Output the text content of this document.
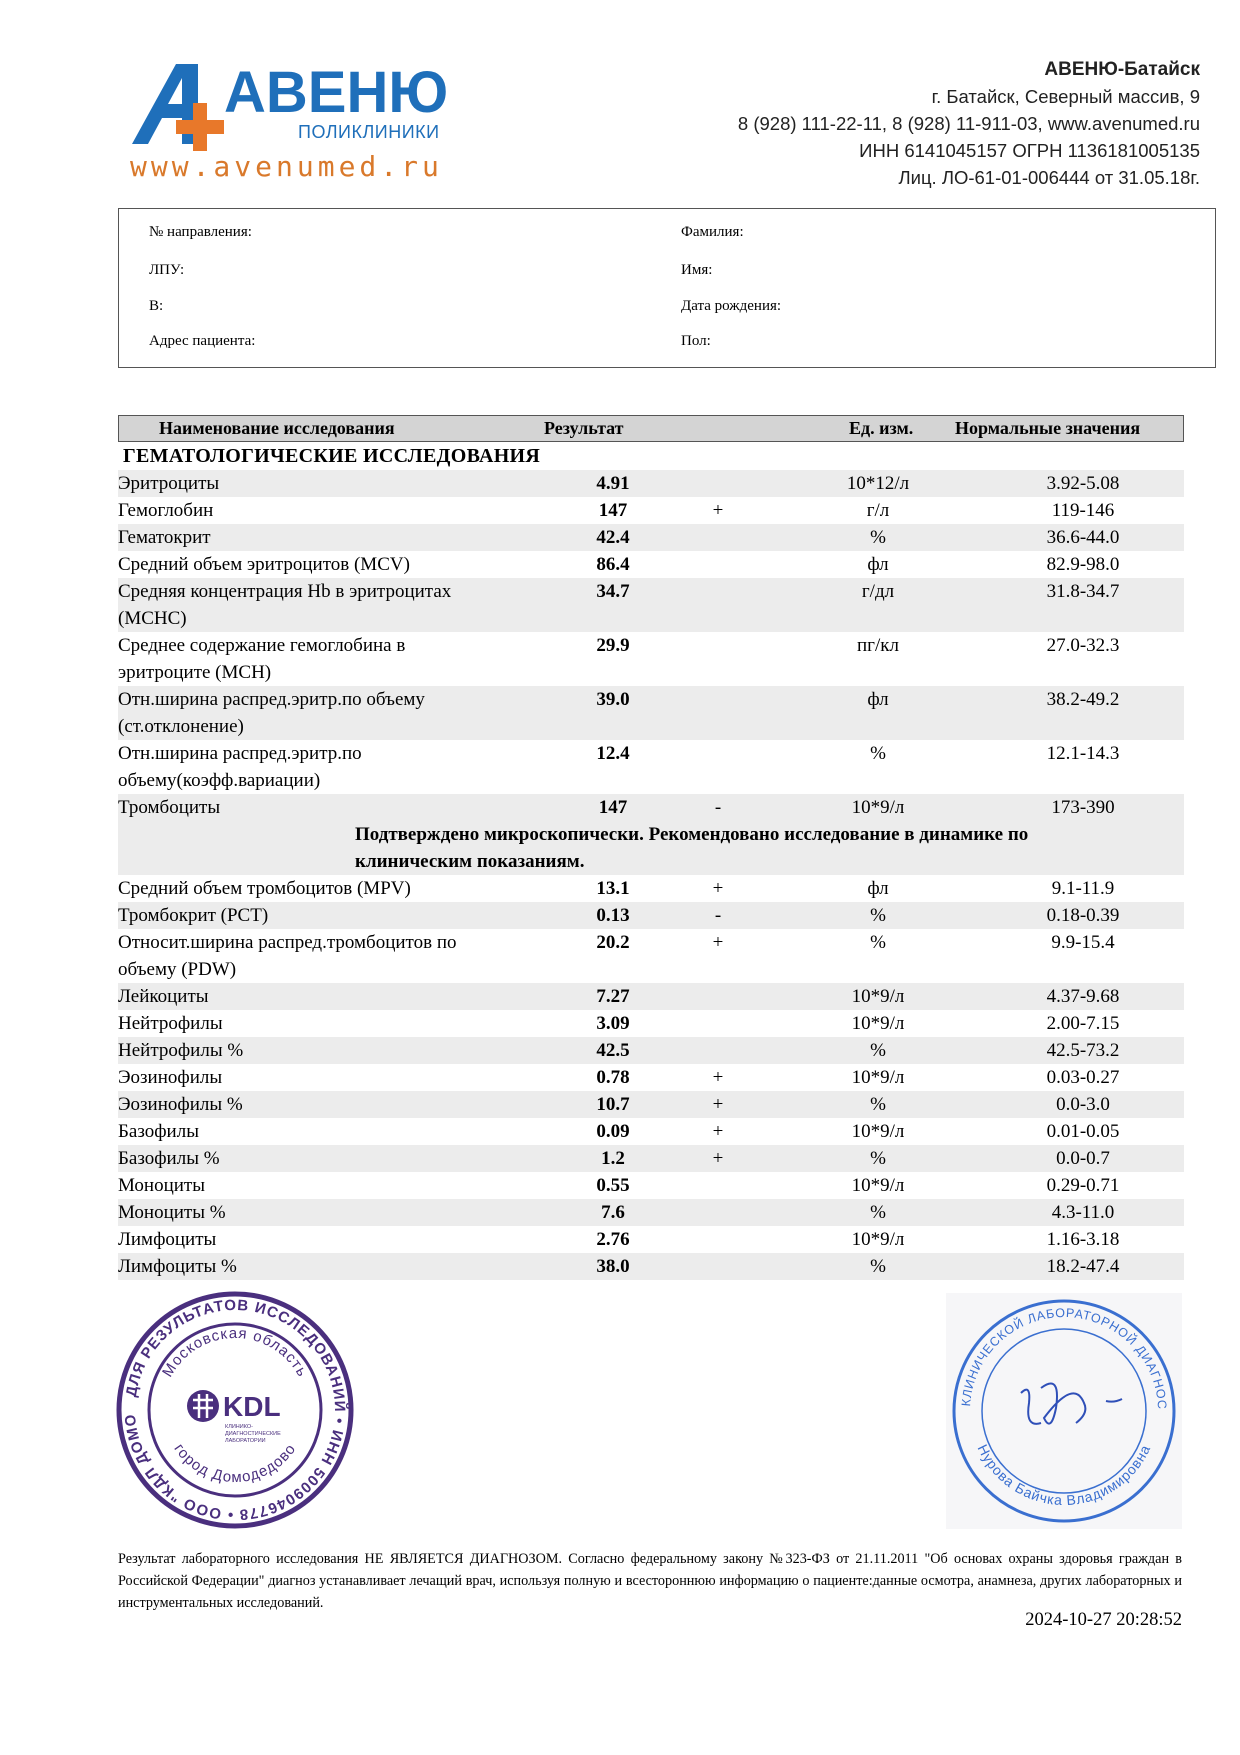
АВЕНЮ
ПОЛИКЛИНИКИ
www.avenumed.ru
АВЕНЮ-Батайск
г. Батайск, Северный массив, 9
8 (928) 111-22-11, 8 (928) 11-911-03, www.avenumed.ru
ИНН 6141045157 ОГРН 1136181005135
Лиц. ЛО-61-01-006444 от 31.05.18г.
№ направления:
ЛПУ:
В:
Адрес пациента:
Фамилия:
Имя:
Дата рождения:
Пол:
Наименование исследования	Результат	Ед. изм. Нормальные значения
ГЕМАТОЛОГИЧЕСКИЕ ИССЛЕДОВАНИЯ
Эритроциты	4.91	10*12/л	3.92-5.08
Гемоглобин	147	+	г/л	119-146
Гематокрит	42.4	%	36.6-44.0
Средний объем эритроцитов (MCV)	86.4	фл	82.9-98.0
Средняя концентрация Hb в эритроцитах (MCHC)
34.7	г/дл	31.8-34.7
Среднее содержание гемоглобина в эритроците (MCH)
29.9	пг/кл	27.0-32.3
Отн.ширина распред.эритр.по объему (ст.отклонение)
39.0	фл	38.2-49.2
Отн.ширина распред.эритр.по объему(коэфф.вариации)
12.4	%	12.1-14.3
Тромбоциты	147	-	10*9/л	173-390
Подтверждено микроскопически. Рекомендовано исследование в динамике по клиническим показаниям.
Средний объем тромбоцитов (MPV)	13.1	+	фл	9.1-11.9
Тромбокрит (PCT)	0.13	-	%	0.18-0.39
Относит.ширина распред.тромбоцитов по объему (PDW)
20.2	+	%	9.9-15.4
Лейкоциты	7.27	10*9/л	4.37-9.68
Нейтрофилы	3.09	10*9/л	2.00-7.15
Нейтрофилы %	42.5	%	42.5-73.2
Эозинофилы	0.78	+	10*9/л	0.03-0.27
Эозинофилы %	10.7	+	%	0.0-3.0
Базофилы	0.09	+	10*9/л	0.01-0.05
Базофилы %	1.2	+	%	0.0-0.7
Моноциты	0.55	10*9/л	0.29-0.71
Моноциты %	7.6	%	4.3-11.0
Лимфоциты	2.76	10*9/л	1.16-3.18
Лимфоциты %	38.0	%	18.2-47.4
ДЛЯ РЕЗУЛЬТАТОВ ИССЛЕДОВАНИЙ • ИНН 5009046778 • ООО "КДЛ ДОМО
Московская область
город Домодедово
KDL
КЛИНИКО-
ДИАГНОСТИЧЕСКИЕ
ЛАБОРАТОРИИ
КЛИНИЧЕСКОЙ ЛАБОРАТОРНОЙ ДИАГНОС
Нурова Байчка Владимировна
Результат лабораторного исследования НЕ ЯВЛЯЕТСЯ ДИАГНОЗОМ. Согласно федеральному закону №323-ФЗ от 21.11.2011 "Об основах охраны здоровья граждан в Российской Федерации" диагноз устанавливает лечащий врач, используя полную и всестороннюю информацию о пациенте:данные осмотра, анамнеза, других лабораторных и инструментальных исследований.
2024-10-27 20:28:52
